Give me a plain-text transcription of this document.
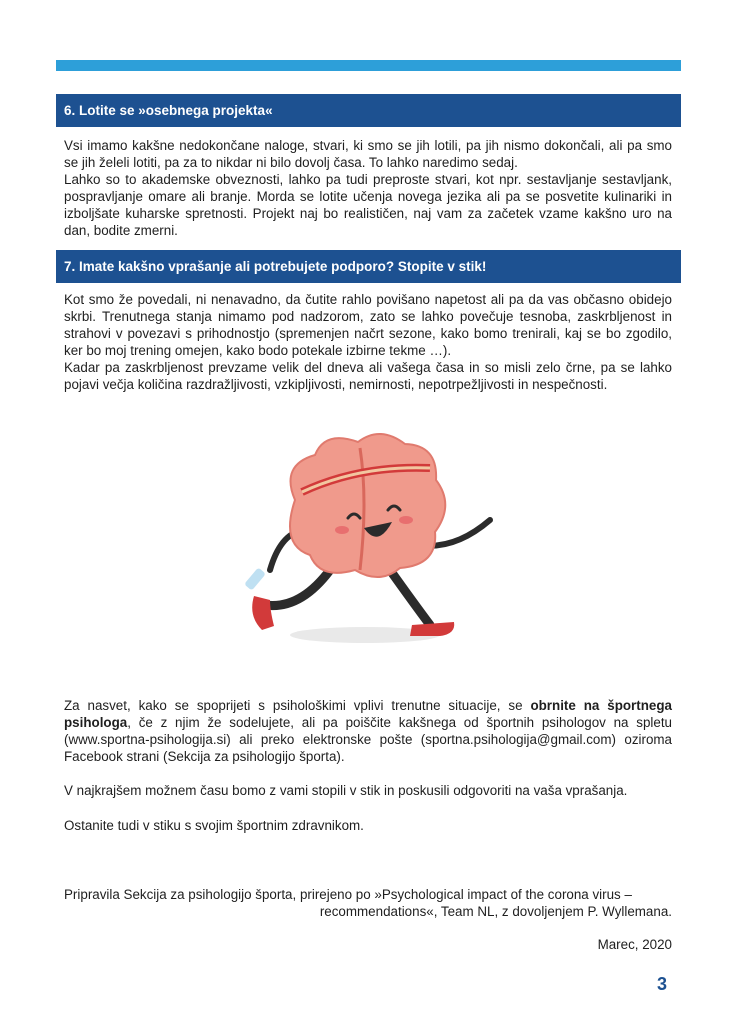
6. Lotite se »osebnega projekta«

Vsi imamo kakšne nedokončane naloge, stvari, ki smo se jih lotili, pa jih nismo dokončali, ali pa smo se jih želeli lotiti, pa za to nikdar ni bilo dovolj časa. To lahko naredimo sedaj.

Lahko so to akademske obveznosti, lahko pa tudi preproste stvari, kot npr. sestavljanje sestavljank, pospravljanje omare ali branje. Morda se lotite učenja novega jezika ali pa se posvetite kulinariki in izboljšate kuharske spretnosti. Projekt naj bo realističen, naj vam za začetek vzame kakšno uro na dan, bodite zmerni.

7. Imate kakšno vprašanje ali potrebujete podporo? Stopite v stik!

Kot smo že povedali, ni nenavadno, da čutite rahlo povišano napetost ali pa da vas občasno obidejo skrbi. Trenutnega stanja nimamo pod nadzorom, zato se lahko povečuje tesnoba, zaskrbljenost in strahovi v povezavi s prihodnostjo (spremenjen načrt sezone, kako bomo trenirali, kaj se bo zgodilo, ker bo moj trening omejen, kako bodo potekale izbirne tekme …).

Kadar pa zaskrbljenost prevzame velik del dneva ali vašega časa in so misli zelo črne, pa se lahko pojavi večja količina razdražljivosti, vzkipljivosti, nemirnosti, nepotrpežljivosti in nespečnosti.

Za nasvet, kako se spoprijeti s psihološkimi vplivi trenutne situacije, se obrnite na športnega psihologa, če z njim že sodelujete, ali pa poiščite kakšnega od športnih psihologov na spletu (www.sportna-psihologija.si) ali preko elektronske pošte (sportna.psihologija@gmail.com) oziroma Facebook strani (Sekcija za psihologijo športa).

V najkrajšem možnem času bomo z vami stopili v stik in poskusili odgovoriti na vaša vprašanja.

Ostanite tudi v stiku s svojim športnim zdravnikom.

Pripravila Sekcija za psihologijo športa, prirejeno po »Psychological impact of the corona virus –

recommendations«, Team NL, z dovoljenjem P. Wyllemana.

Marec, 2020

3
